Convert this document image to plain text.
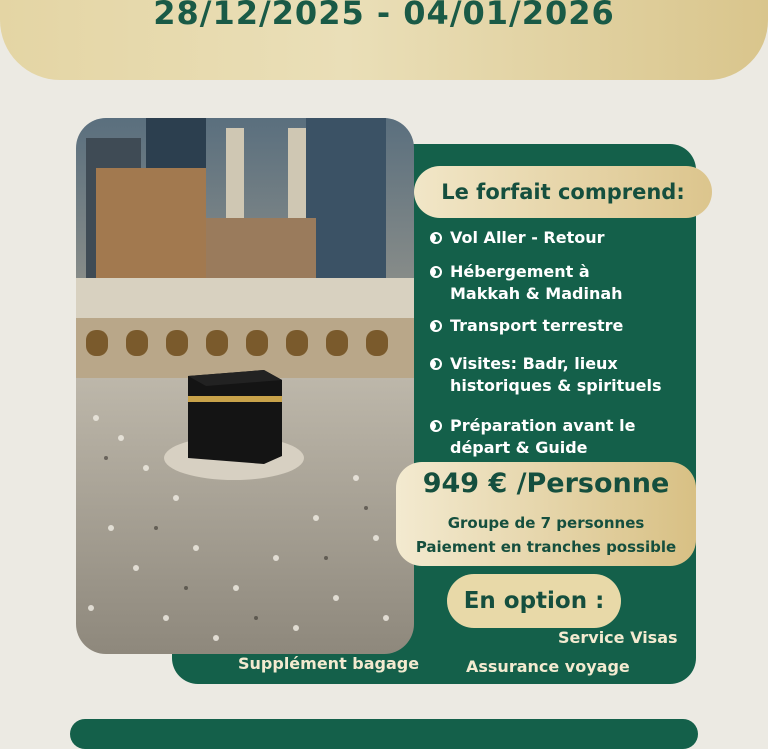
28/12/2025 - 04/01/2026
Le forfait comprend:
Vol Aller - Retour
Hébergement à
Makkah & Madinah
Transport terrestre
Visites: Badr, lieux
historiques & spirituels
Préparation avant le
départ & Guide
949 € /Personne
Groupe de 7 personnes
Paiement en tranches possible
En option :
Service Visas
Supplément bagage	Assurance voyage
